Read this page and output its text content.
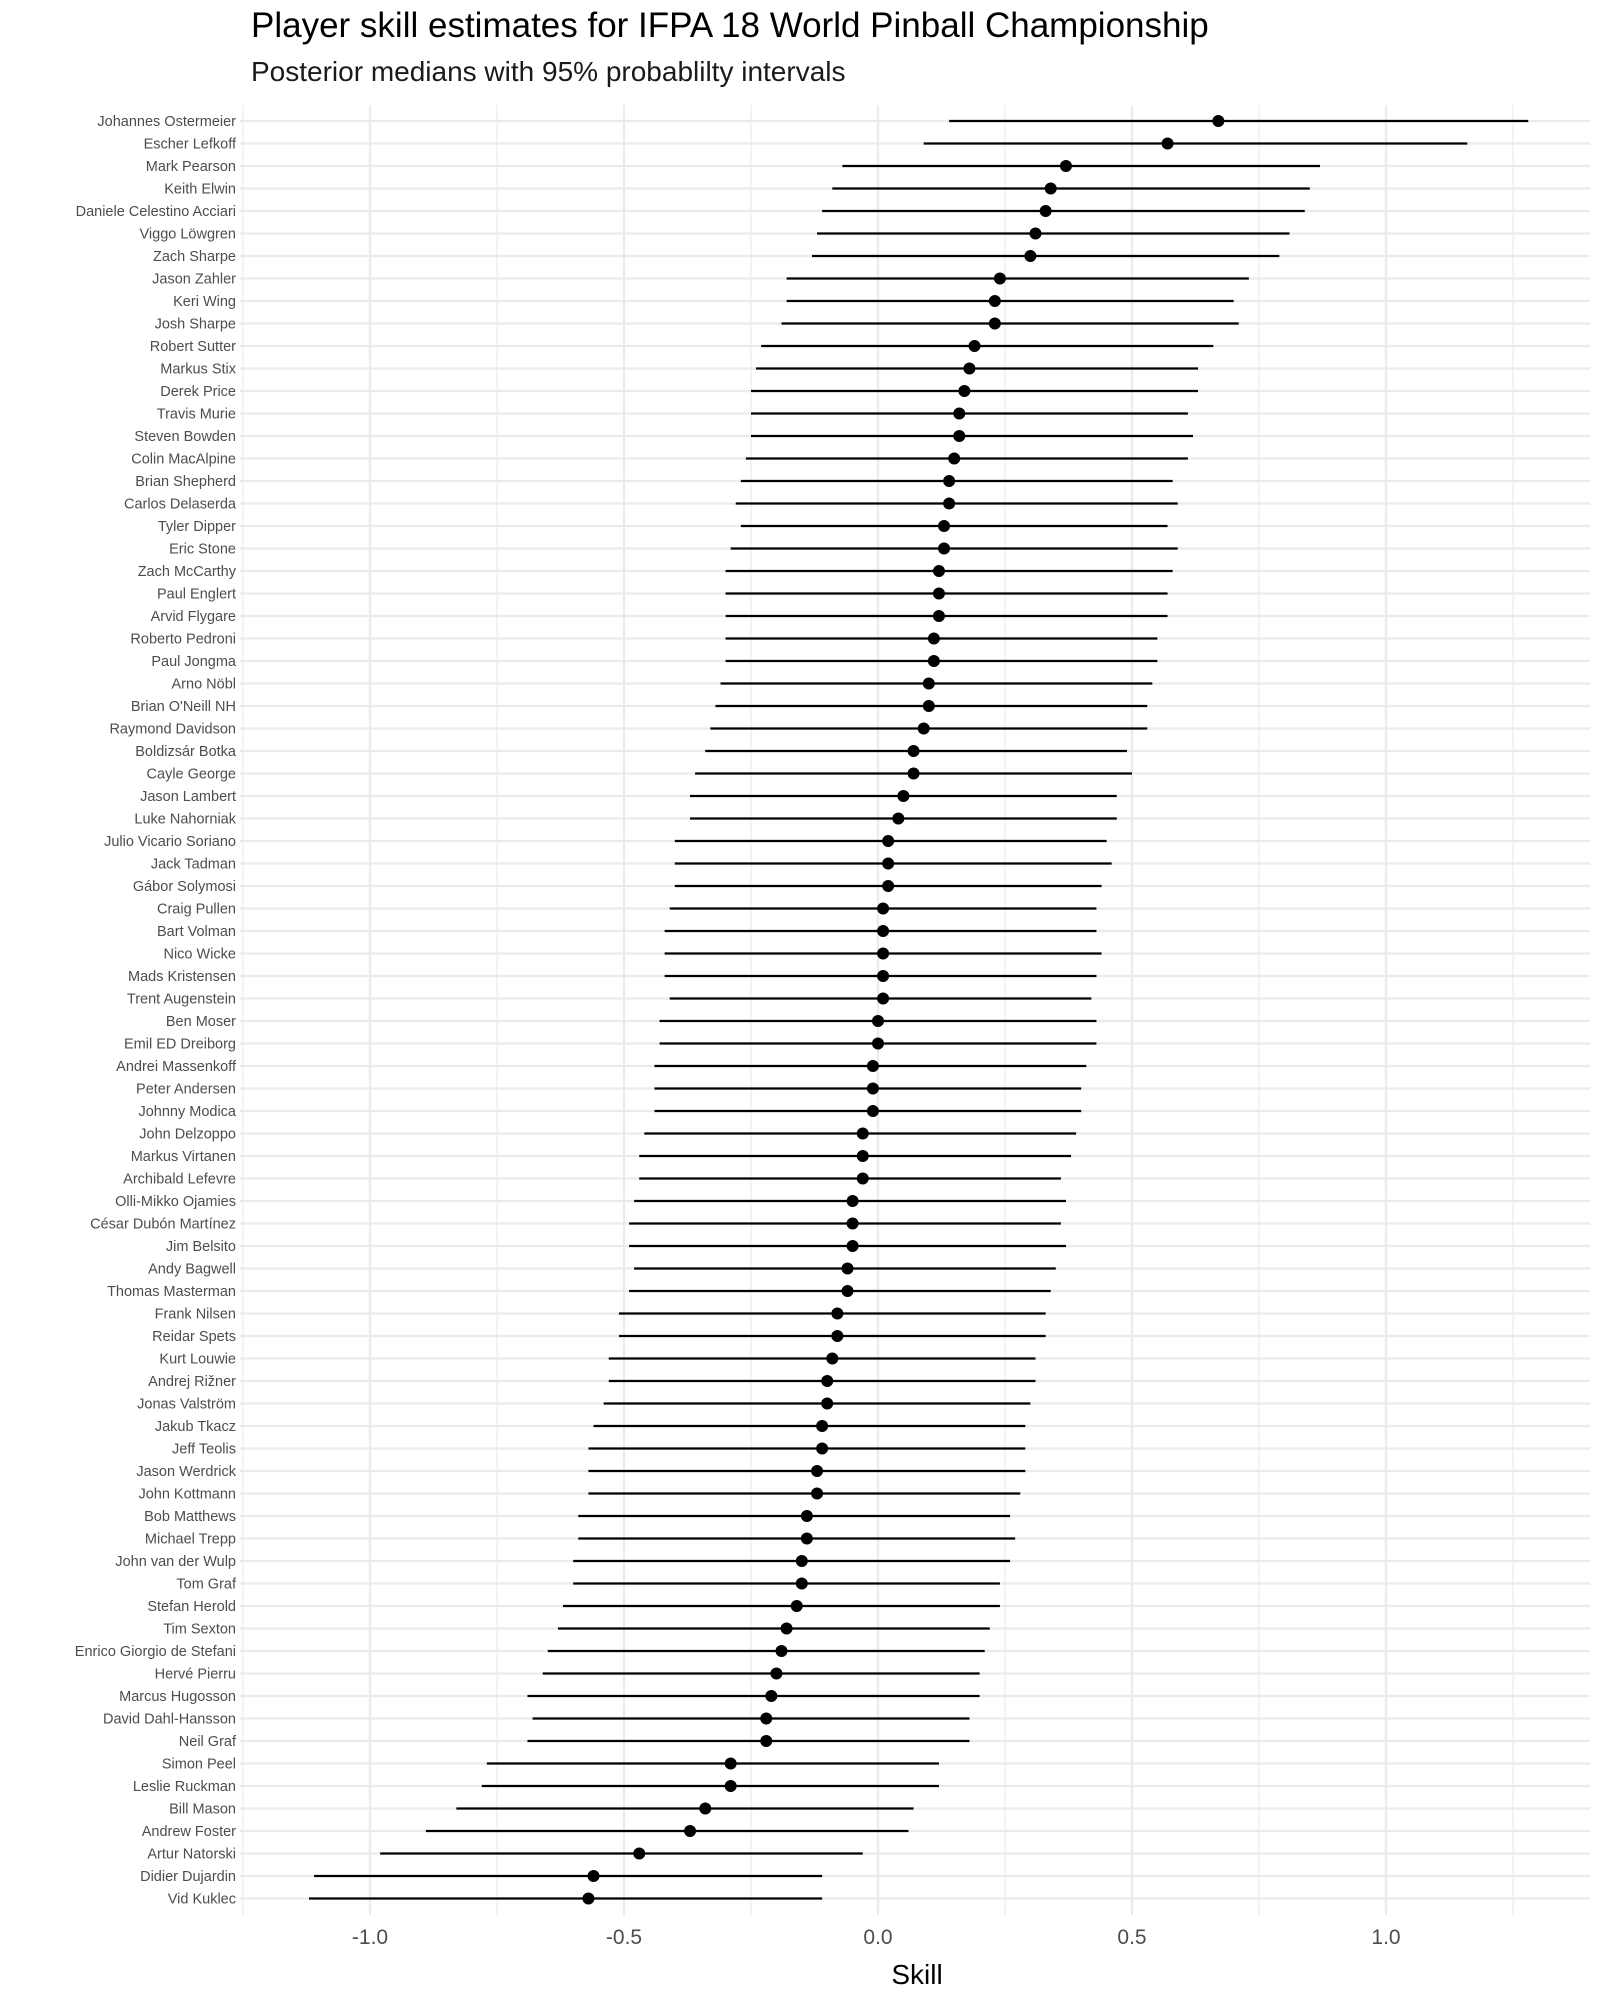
Player skill estimates for IFPA 18 World Pinball Championship
Posterior medians with 95% probablilty intervals
Johannes Ostermeier
Escher Lefkoff
Mark Pearson
Keith Elwin
Daniele Celestino Acciari
Viggo Löwgren
Zach Sharpe
Jason Zahler
Keri Wing
Josh Sharpe
Robert Sutter
Markus Stix
Derek Price
Travis Murie
Steven Bowden
Colin MacAlpine
Brian Shepherd
Carlos Delaserda
Tyler Dipper
Eric Stone
Zach McCarthy
Paul Englert
Arvid Flygare
Roberto Pedroni
Paul Jongma
Arno Nöbl
Brian O'Neill NH
Raymond Davidson
Boldizsár Botka
Cayle George
Jason Lambert
Luke Nahorniak
Julio Vicario Soriano
Jack Tadman
Gábor Solymosi
Craig Pullen
Bart Volman
Nico Wicke
Mads Kristensen
Trent Augenstein
Ben Moser
Emil ED Dreiborg
Andrei Massenkoff
Peter Andersen
Johnny Modica
John Delzoppo
Markus Virtanen
Archibald Lefevre
Olli-Mikko Ojamies
César Dubón Martínez
Jim Belsito
Andy Bagwell
Thomas Masterman
Frank Nilsen
Reidar Spets
Kurt Louwie
Andrej Rižner
Jonas Valström
Jakub Tkacz
Jeff Teolis
Jason Werdrick
John Kottmann
Bob Matthews
Michael Trepp
John van der Wulp
Tom Graf
Stefan Herold
Tim Sexton
Enrico Giorgio de Stefani
Hervé Pierru
Marcus Hugosson
David Dahl-Hansson
Neil Graf
Simon Peel
Leslie Ruckman
Bill Mason
Andrew Foster
Artur Natorski
Didier Dujardin
Vid Kuklec
-1.0	-0.5	0.0	0.5	1.0
Skill
